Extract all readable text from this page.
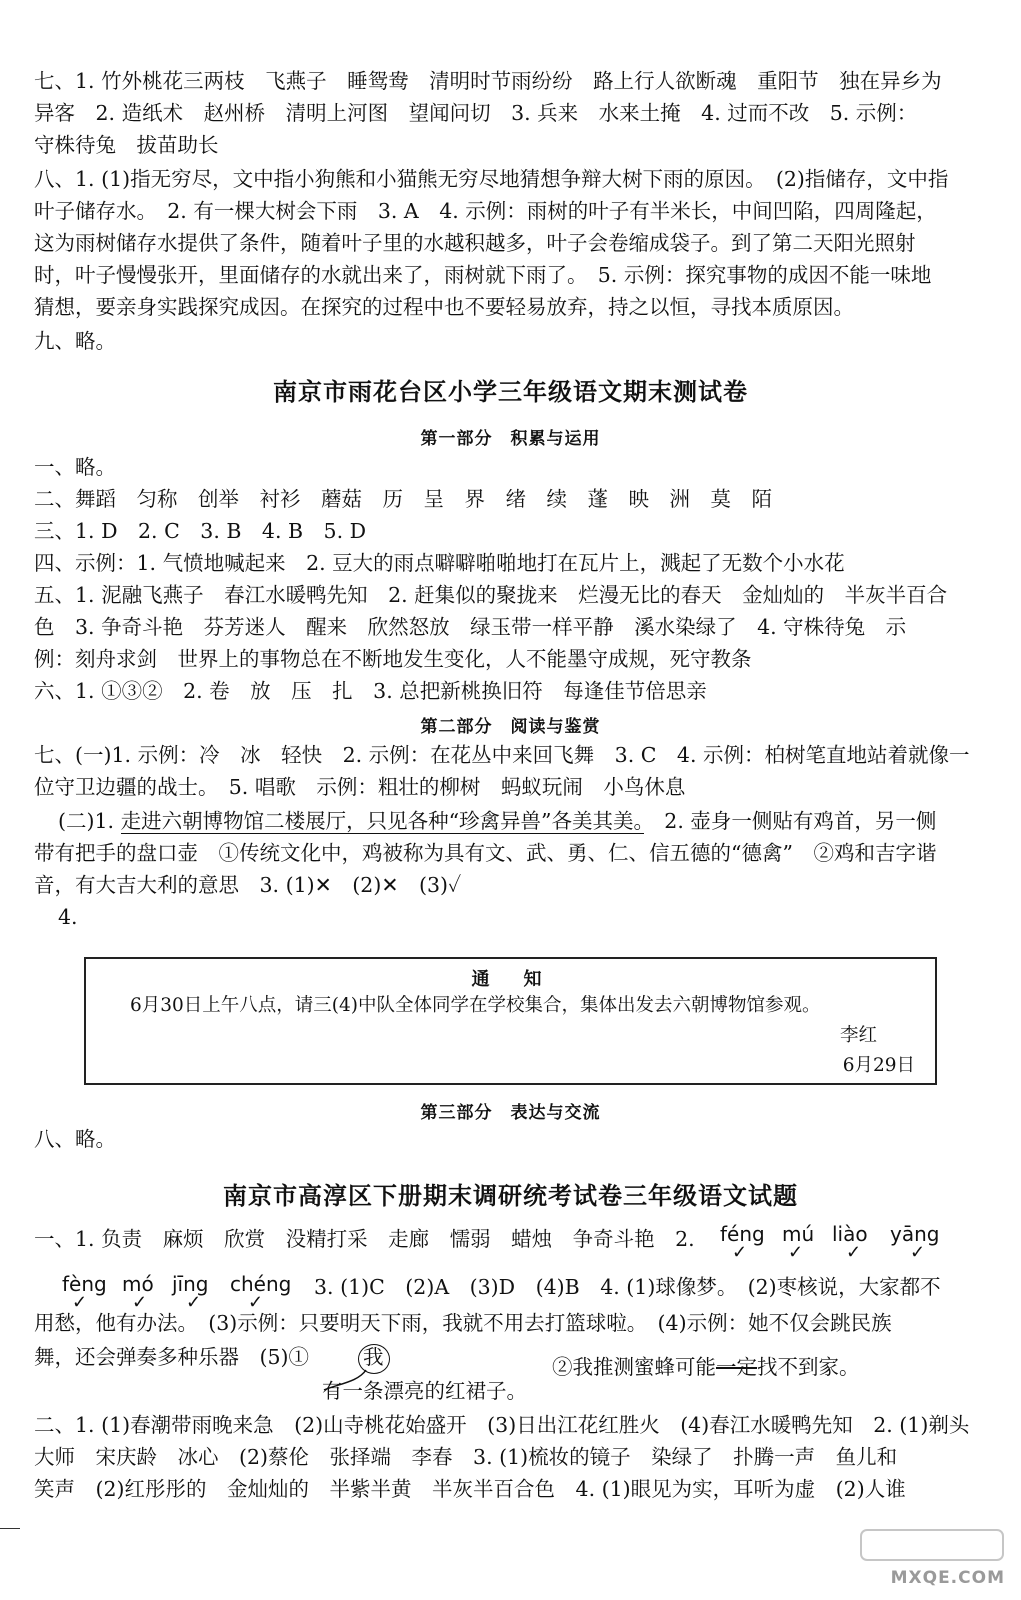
七、1. 竹外桃花三两枝　飞燕子　睡鸳鸯　清明时节雨纷纷　路上行人欲断魂　重阳节　独在异乡为
异客　2. 造纸术　赵州桥　清明上河图　望闻问切　3. 兵来　水来土掩　4. 过而不改　5. 示例：
守株待兔　拔苗助长
八、1. (1)指无穷尽，文中指小狗熊和小猫熊无穷尽地猜想争辩大树下雨的原因。　(2)指储存，文中指
叶子储存水。　2. 有一棵大树会下雨　3. A　4. 示例：雨树的叶子有半米长，中间凹陷，四周隆起，
这为雨树储存水提供了条件，随着叶子里的水越积越多，叶子会卷缩成袋子。到了第二天阳光照射
时，叶子慢慢张开，里面储存的水就出来了，雨树就下雨了。　5. 示例：探究事物的成因不能一味地
猜想，要亲身实践探究成因。在探究的过程中也不要轻易放弃，持之以恒，寻找本质原因。
九、略。
南京市雨花台区小学三年级语文期末测试卷
第一部分　积累与运用
一、略。
二、舞蹈　匀称　创举　衬衫　蘑菇　历　呈　界　绪　续　蓬　映　洲　莫　陌
三、1. D　2. C　3. B　4. B　5. D
四、示例：1. 气愤地喊起来　2. 豆大的雨点噼噼啪啪地打在瓦片上，溅起了无数个小水花
五、1. 泥融飞燕子　春江水暖鸭先知　2. 赶集似的聚拢来　烂漫无比的春天　金灿灿的　半灰半百合
色　3. 争奇斗艳　芬芳迷人　醒来　欣然怒放　绿玉带一样平静　溪水染绿了　4. 守株待兔　示
例：刻舟求剑　世界上的事物总在不断地发生变化，人不能墨守成规，死守教条
六、1. ①③②　2. 卷　放　压　扎　3. 总把新桃换旧符　每逢佳节倍思亲
第二部分　阅读与鉴赏
七、(一)1. 示例：冷　冰　轻快　2. 示例：在花丛中来回飞舞　3. C　4. 示例：柏树笔直地站着就像一
位守卫边疆的战士。　5. 唱歌　示例：粗壮的柳树　蚂蚁玩闹　小鸟休息
(二)1. 走进六朝博物馆二楼展厅，只见各种“珍禽异兽”各美其美。　2. 壶身一侧贴有鸡首，另一侧
带有把手的盘口壶　①传统文化中，鸡被称为具有文、武、勇、仁、信五德的“德禽”　②鸡和吉字谐
音，有大吉大利的意思　3. (1)✕　(2)✕　(3)✓
4.
通　知
6月30日上午八点，请三(4)中队全体同学在学校集合，集体出发去六朝博物馆参观。
李红
6月29日
第三部分　表达与交流
八、略。
南京市高淳区下册期末调研统考试卷三年级语文试题
一、1. 负责　麻烦　欣赏　没精打采　走廊　懦弱　蜡烛　争奇斗艳　2.	féng mú liào yāng
✓ ✓ ✓	✓
fèng mó jīng chéng
✓ ✓ ✓	✓
3. (1)C　(2)A　(3)D　(4)B　4. (1)球像梦。　(2)枣核说，大家都不
用愁，他有办法。　(3)示例：只要明天下雨，我就不用去打篮球啦。　(4)示例：她不仅会跳民族
舞，还会弹奏多种乐器　(5)①	我
有一条漂亮的红裙子。
②我推测蜜蜂可能一定找不到家。
二、1. (1)春潮带雨晚来急　(2)山寺桃花始盛开　(3)日出江花红胜火　(4)春江水暖鸭先知　2. (1)剃头
大师　宋庆龄　冰心　(2)蔡伦　张择端　李春　3. (1)梳妆的镜子　染绿了　扑腾一声　鱼儿和
笑声　(2)红彤彤的　金灿灿的　半紫半黄　半灰半百合色　4. (1)眼见为实，耳听为虚　(2)人谁
MXQE.COM
